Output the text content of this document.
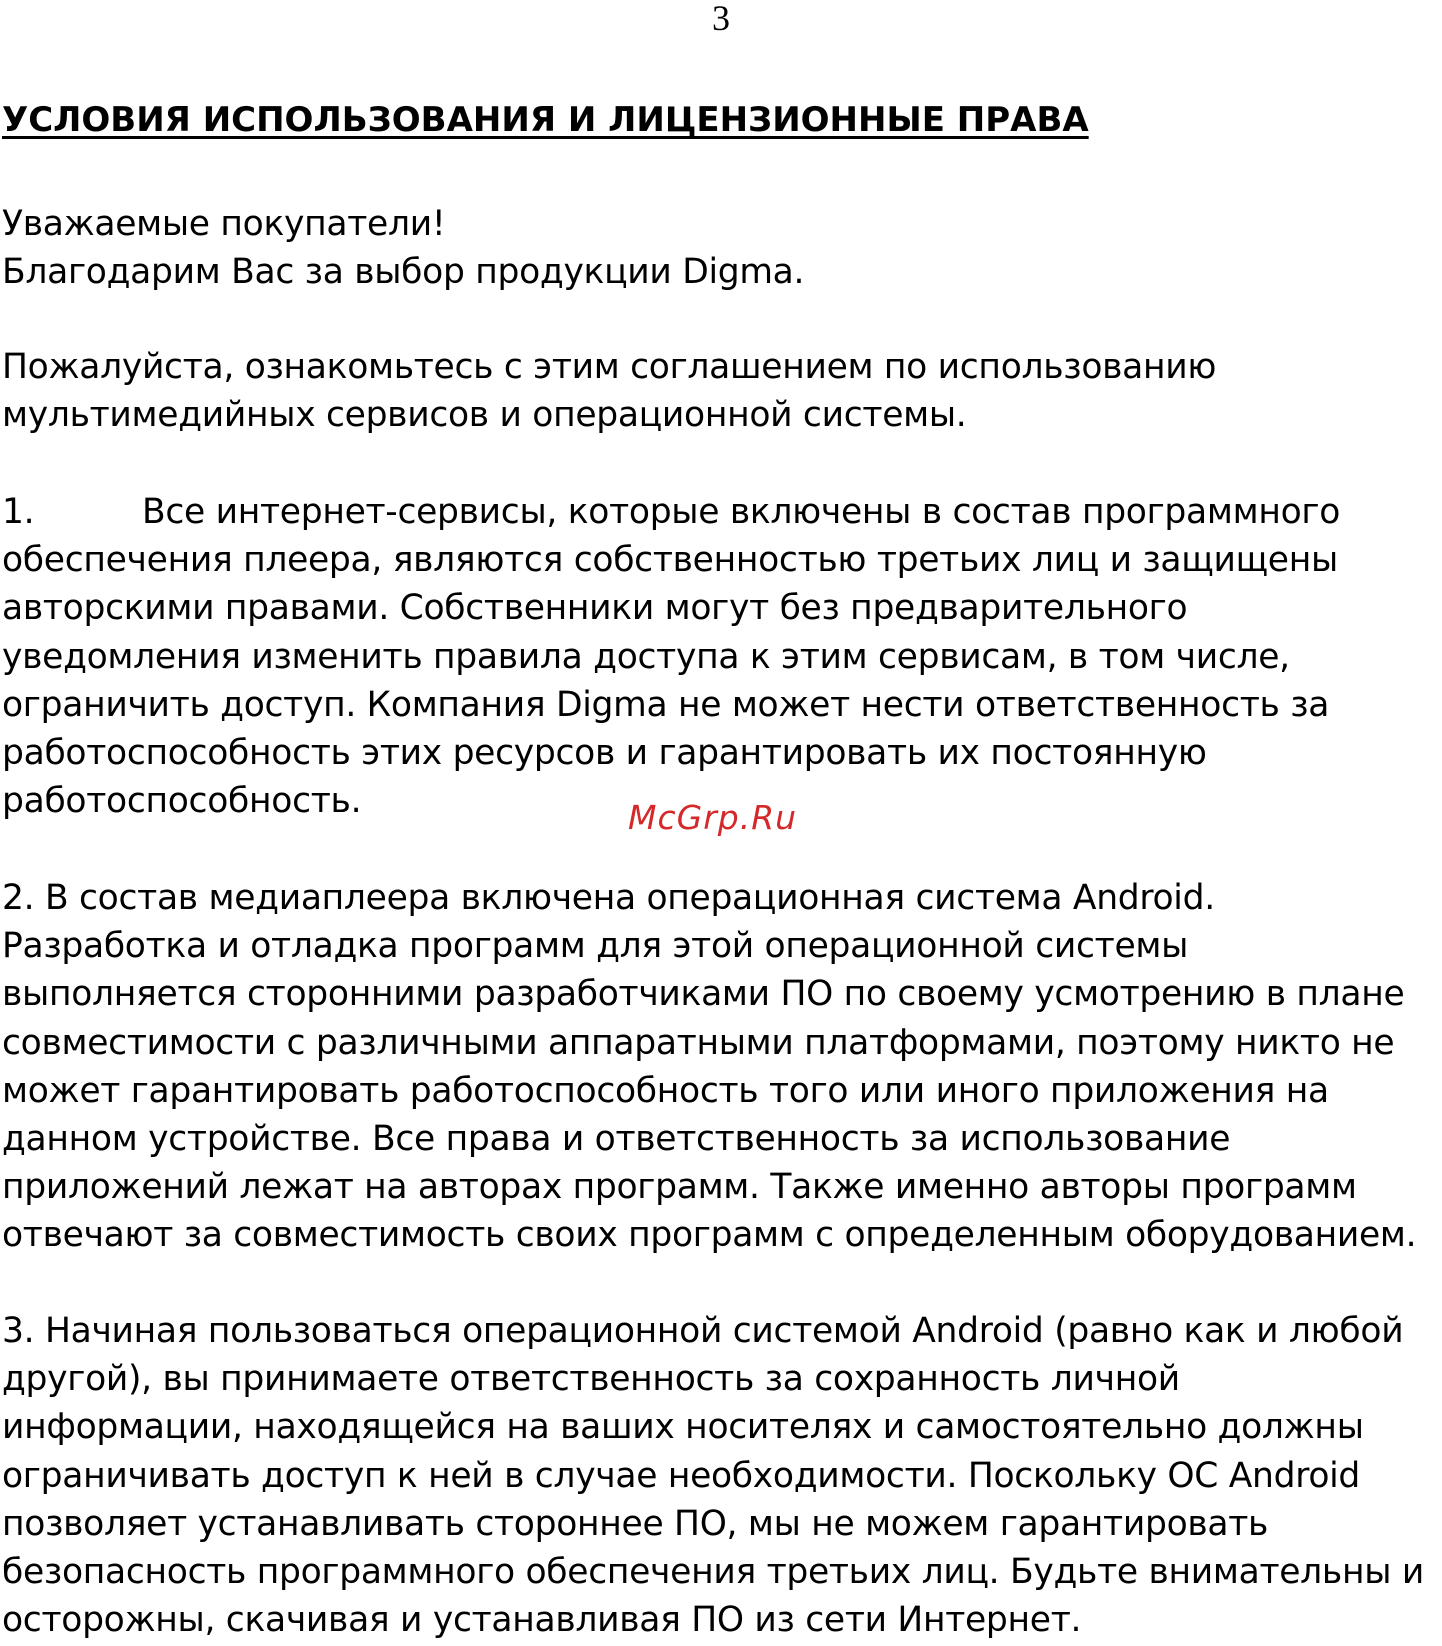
3
УСЛОВИЯ ИСПОЛЬЗОВАНИЯ И ЛИЦЕНЗИОННЫЕ ПРАВА
Уважаемые покупатели!
Благодарим Вас за выбор продукции Digma.
Пожалуйста, ознакомьтесь с этим соглашением по использованию
мультимедийных сервисов и операционной системы.
1.	Все интернет-сервисы, которые включены в состав программного
обеспечения плеера, являются собственностью третьих лиц и защищены
авторскими правами. Собственники могут без предварительного
уведомления изменить правила доступа к этим сервисам, в том числе,
ограничить доступ. Компания Digma не может нести ответственность за
работоспособность этих ресурсов и гарантировать их постоянную
работоспособность.	McGrp.Ru
2. В состав медиаплеера включена операционная система Android.
Разработка и отладка программ для этой операционной системы
выполняется сторонними разработчиками ПО по своему усмотрению в плане
совместимости с различными аппаратными платформами, поэтому никто не
может гарантировать работоспособность того или иного приложения на
данном устройстве. Все права и ответственность за использование
приложений лежат на авторах программ. Также именно авторы программ
отвечают за совместимость своих программ с определенным оборудованием.
3. Начиная пользоваться операционной системой Android (равно как и любой
другой), вы принимаете ответственность за сохранность личной
информации, находящейся на ваших носителях и самостоятельно должны
ограничивать доступ к ней в случае необходимости. Поскольку ОС Android
позволяет устанавливать стороннее ПО, мы не можем гарантировать
безопасность программного обеспечения третьих лиц. Будьте внимательны и
осторожны, скачивая и устанавливая ПО из сети Интернет.
